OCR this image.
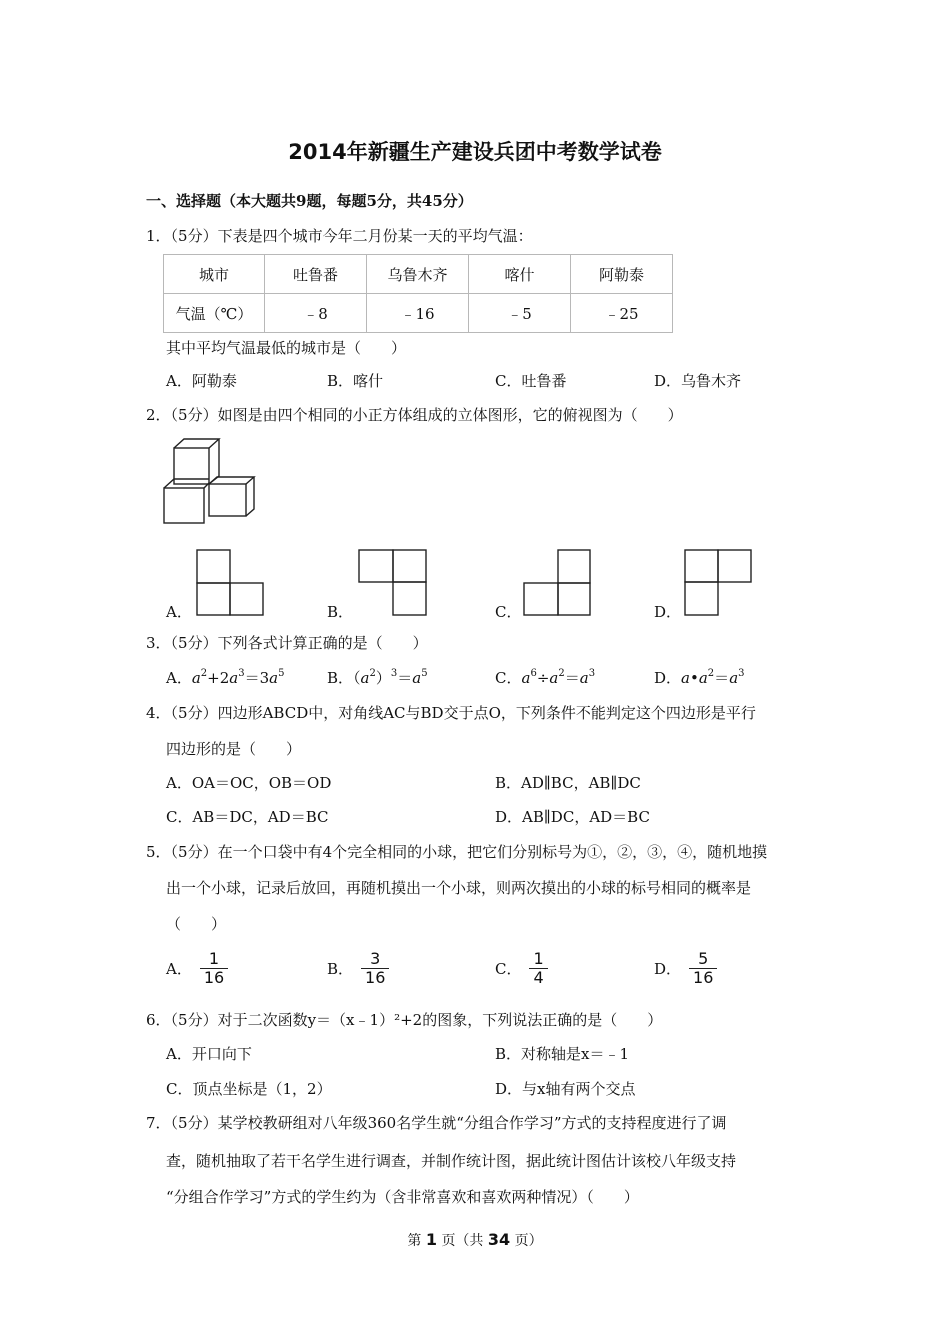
2014年新疆生产建设兵团中考数学试卷
一、选择题（本大题共9题，每题5分，共45分）
1．（5分）下表是四个城市今年二月份某一天的平均气温：
城市	吐鲁番	乌鲁木齐	喀什	阿勒泰
气温（℃）	﹣8	﹣16	﹣5	﹣25
其中平均气温最低的城市是（　　）
A．阿勒泰	B．喀什	C．吐鲁番	D．乌鲁木齐
2．（5分）如图是由四个相同的小正方体组成的立体图形，它的俯视图为（　　）
A．	B．	C．	D．
3．（5分）下列各式计算正确的是（　　）
A．$a^2+2a^3=3a^5$	B．$(a^2)^3=a^5$	C．$a^6\div a^2=a^3$	D．$a•a^2=a^3$
4．（5分）四边形ABCD中，对角线AC与BD交于点O，下列条件不能判定这个四边形是平行
四边形的是（　　）
A．OA＝OC，OB＝OD	B．AD∥BC，AB∥DC
C．AB＝DC，AD＝BC	D．AB∥DC，AD＝BC
5．（5分）在一个口袋中有4个完全相同的小球，把它们分别标号为①，②，③，④，随机地摸
出一个小球，记录后放回，再随机摸出一个小球，则两次摸出的小球的标号相同的概率是
（　　）
A． $\frac{1}{16}$	B． $\frac{3}{16}$	C． $\frac{1}{4}$	D． $\frac{5}{16}$
6．（5分）对于二次函数y＝（x﹣1）²+2的图象，下列说法正确的是（　　）
A．开口向下	B．对称轴是x＝﹣1
C．顶点坐标是（1，2）	D．与x轴有两个交点
7．（5分）某学校教研组对八年级360名学生就“分组合作学习”方式的支持程度进行了调
查，随机抽取了若干名学生进行调查，并制作统计图，据此统计图估计该校八年级支持
“分组合作学习”方式的学生约为（含非常喜欢和喜欢两种情况）（　　）
第 1 页（共 34 页）
